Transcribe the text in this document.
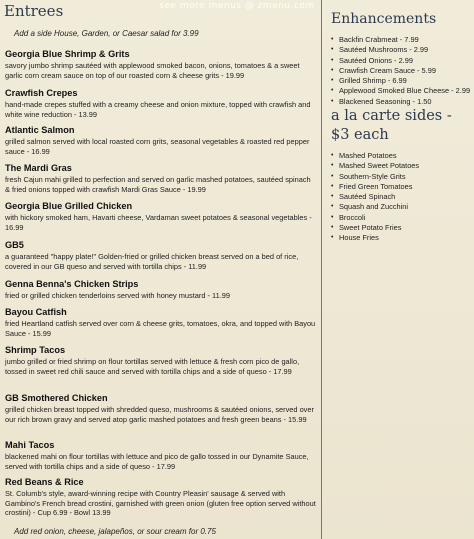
see more menus @ zmenu.com
Entrees
Add a side House, Garden, or Caesar salad for 3.99
Georgia Blue Shrimp & Grits
savory jumbo shrimp sautéed with applewood smoked bacon, onions, tomatoes & a sweet garlic corn cream sauce on top of our roasted corn & cheese grits - 19.99
Crawfish Crepes
hand-made crepes stuffed with a creamy cheese and onion mixture, topped with crawfish and white wine reduction - 13.99
Atlantic Salmon
grilled salmon served with local roasted corn grits, seasonal vegetables & roasted red pepper sauce - 16.99
The Mardi Gras
fresh Cajun mahi grilled to perfection and served on garlic mashed potatoes, sautéed spinach & fried onions topped with crawfish Mardi Gras Sauce - 19.99
Georgia Blue Grilled Chicken
with hickory smoked ham, Havarti cheese, Vardaman sweet potatoes & seasonal vegetables - 16.99
GB5
a guaranteed "happy plate!" Golden-fried or grilled chicken breast served on a bed of rice, covered in our GB queso and served with tortilla chips - 11.99
Genna Benna's Chicken Strips
fried or grilled chicken tenderloins served with honey mustard - 11.99
Bayou Catfish
fried Heartland catfish served over corn & cheese grits, tomatoes, okra, and topped with Bayou Sauce - 15.99
Shrimp Tacos
jumbo grilled or fried shrimp on flour tortillas served with lettuce & fresh corn pico de gallo, tossed in sweet red chili sauce and served with tortilla chips and a side of queso - 17.99
GB Smothered Chicken
grilled chicken breast topped with shredded queso, mushrooms & sautéed onions, served over our rich brown gravy and served atop garlic mashed potatoes and fresh green beans - 15.99
Mahi Tacos
blackened mahi on flour tortillas with lettuce and pico de gallo tossed in our Dynamite Sauce, served with tortilla chips and a side of queso - 17.99
Red Beans & Rice
St. Columb's style, award-winning recipe with Country Pleasin' sausage & served with Gambino's French bread crostini, garnished with green onion (gluten free option served without crostini) - Cup 6.99 - Bowl 13.99
Add red onion, cheese, jalapeños, or sour cream for 0.75
Enhancements
• Backfin Crabmeat - 7.99
• Sautéed Mushrooms - 2.99
• Sautéed Onions - 2.99
• Crawfish Cream Sauce - 5.99
• Grilled Shrimp - 6.99
• Applewood Smoked Blue Cheese - 2.99
• Blackened Seasoning - 1.50
a la carte sides - $3 each
• Mashed Potatoes
• Mashed Sweet Potatoes
• Southern-Style Grits
• Fried Green Tomatoes
• Sautéed Spinach
• Squash and Zucchini
• Broccoli
• Sweet Potato Fries
• House Fries
